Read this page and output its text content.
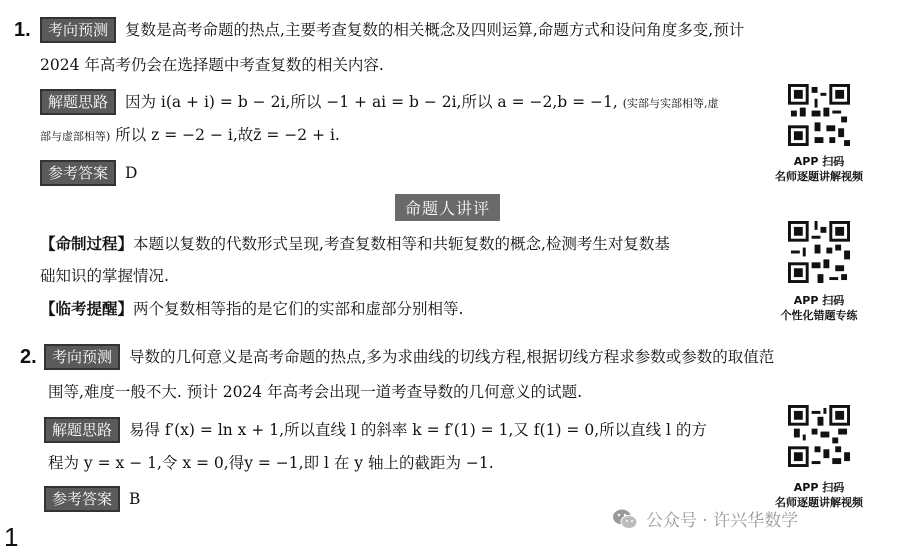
1.	考向预测 复数是高考命题的热点,主要考查复数的相关概念及四则运算,命题方式和设问角度多变,预计
2024 年高考仍会在选择题中考查复数的相关内容.
解题思路 因为 i(a + i) = b − 2i,所以 −1 + ai = b − 2i,所以 a = −2,b = −1, (实部与实部相等,虚
部与虚部相等) 所以 z = −2 − i,故z̄ = −2 + i.
参考答案 D
APP 扫码
名师逐题讲解视频
命题人讲评
【命制过程】本题以复数的代数形式呈现,考查复数相等和共轭复数的概念,检测考生对复数基
础知识的掌握情况.
【临考提醒】两个复数相等指的是它们的实部和虚部分别相等.	APP 扫码
个性化错题专练
2.	考向预测 导数的几何意义是高考命题的热点,多为求曲线的切线方程,根据切线方程求参数或参数的取值范
围等,难度一般不大. 预计 2024 年高考会出现一道考查导数的几何意义的试题.
解题思路 易得 f′(x) = ln x + 1,所以直线 l 的斜率 k = f′(1) = 1,又 f(1) = 0,所以直线 l 的方
程为 y = x − 1,令 x = 0,得y = −1,即 l 在 y 轴上的截距为 −1.
参考答案 B
APP 扫码
名师逐题讲解视频
公众号 · 许兴华数学
1
